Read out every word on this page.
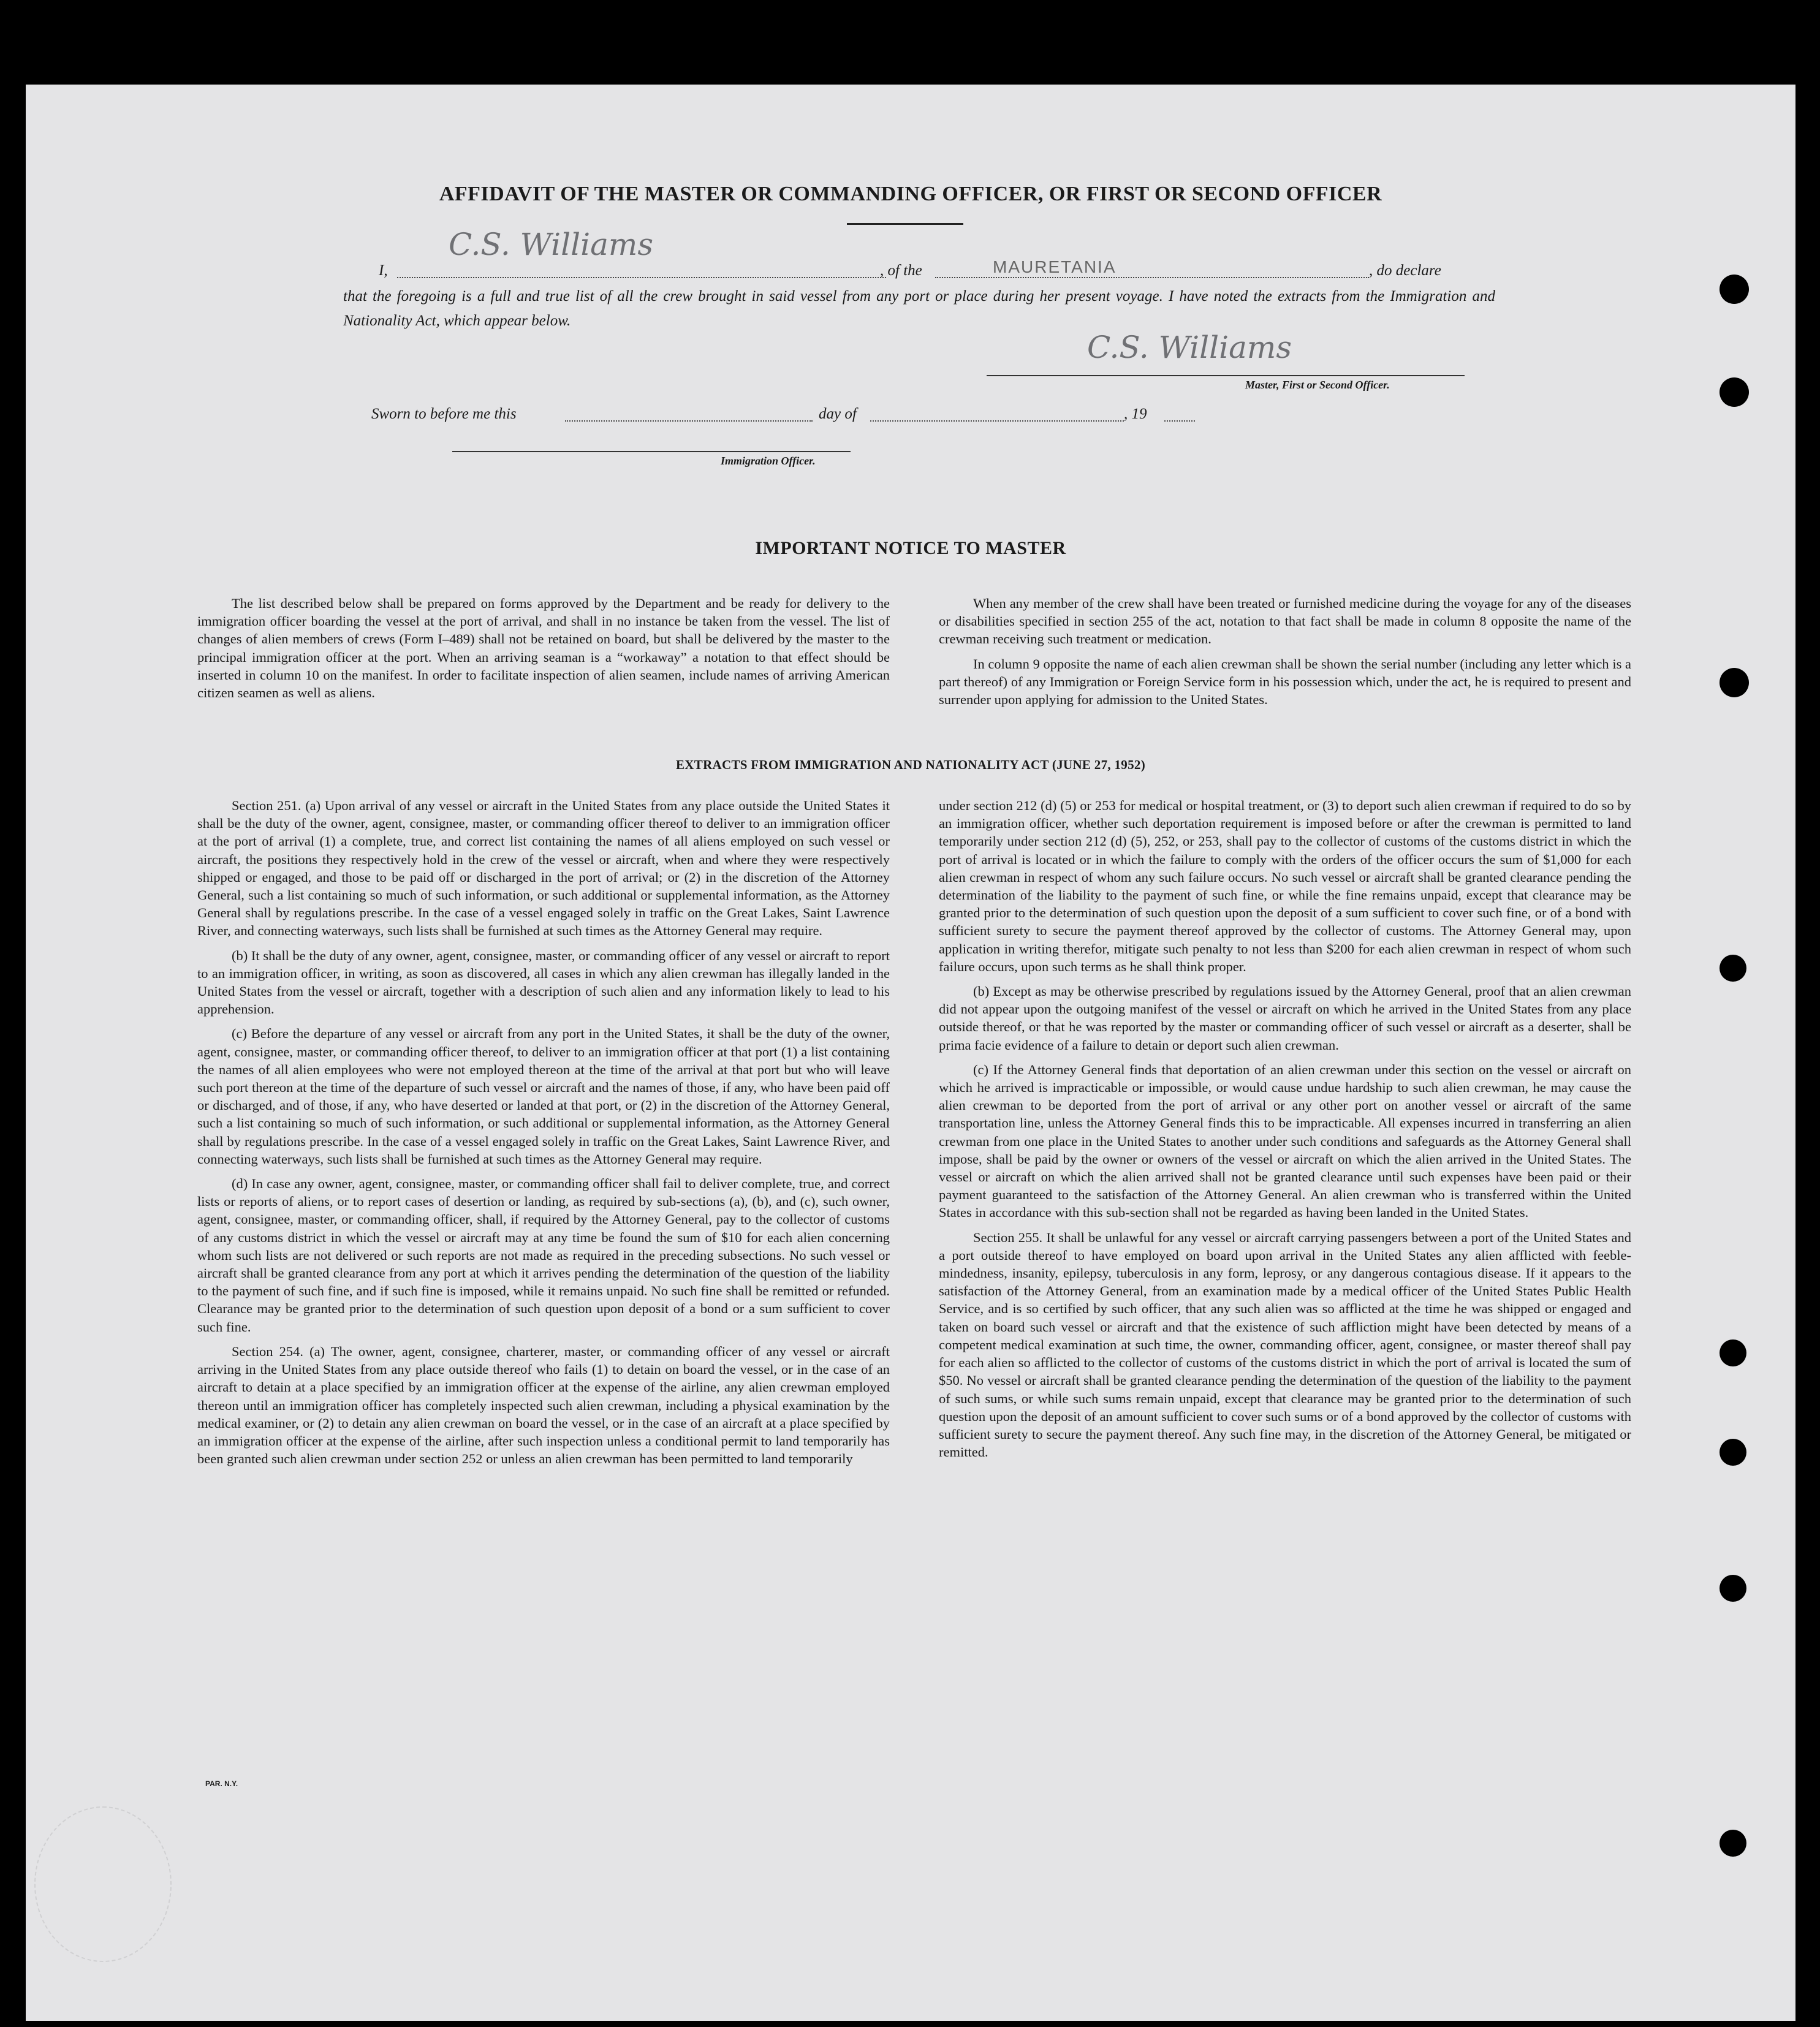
AFFIDAVIT OF THE MASTER OR COMMANDING OFFICER, OR FIRST OR SECOND OFFICER
I,
C.S. Williams
, of the	MAURETANIA	, do declare
that the foregoing is a full and true list of all the crew brought in said vessel from any port or place during her present voyage. I have noted the extracts from the Immigration and Nationality Act, which appear below.
C.S. Williams
Master, First or Second Officer.
Sworn to before me this	day of	, 19
Immigration Officer.
IMPORTANT NOTICE TO MASTER

The list described below shall be prepared on forms approved by the Department and be ready for delivery to the immigration officer boarding the vessel at the port of arrival, and shall in no instance be taken from the vessel. The list of changes of alien members of crews (Form I–489) shall not be retained on board, but shall be delivered by the master to the principal immigration officer at the port. When an arriving seaman is a “workaway” a notation to that effect should be inserted in column 10 on the manifest. In order to facilitate inspection of alien seamen, include names of arriving American citizen seamen as well as aliens.

When any member of the crew shall have been treated or furnished medicine during the voyage for any of the diseases or disabilities specified in section 255 of the act, notation to that fact shall be made in column 8 opposite the name of the crewman receiving such treatment or medication.

In column 9 opposite the name of each alien crewman shall be shown the serial number (including any letter which is a part thereof) of any Immigration or Foreign Service form in his possession which, under the act, he is required to present and surrender upon applying for admission to the United States.

EXTRACTS FROM IMMIGRATION AND NATIONALITY ACT (JUNE 27, 1952)

Section 251. (a) Upon arrival of any vessel or aircraft in the United States from any place outside the United States it shall be the duty of the owner, agent, consignee, master, or commanding officer thereof to deliver to an immigration officer at the port of arrival (1) a complete, true, and correct list containing the names of all aliens employed on such vessel or aircraft, the positions they respectively hold in the crew of the vessel or aircraft, when and where they were respectively shipped or engaged, and those to be paid off or discharged in the port of arrival; or (2) in the discretion of the Attorney General, such a list containing so much of such information, or such additional or supplemental information, as the Attorney General shall by regulations prescribe. In the case of a vessel engaged solely in traffic on the Great Lakes, Saint Lawrence River, and connecting waterways, such lists shall be furnished at such times as the Attorney General may require.

(b) It shall be the duty of any owner, agent, consignee, master, or commanding officer of any vessel or aircraft to report to an immigration officer, in writing, as soon as discovered, all cases in which any alien crewman has illegally landed in the United States from the vessel or aircraft, together with a description of such alien and any information likely to lead to his apprehension.

(c) Before the departure of any vessel or aircraft from any port in the United States, it shall be the duty of the owner, agent, consignee, master, or commanding officer thereof, to deliver to an immigration officer at that port (1) a list containing the names of all alien employees who were not employed thereon at the time of the arrival at that port but who will leave such port thereon at the time of the departure of such vessel or aircraft and the names of those, if any, who have been paid off or discharged, and of those, if any, who have deserted or landed at that port, or (2) in the discretion of the Attorney General, such a list containing so much of such information, or such additional or supplemental information, as the Attorney General shall by regulations prescribe. In the case of a vessel engaged solely in traffic on the Great Lakes, Saint Lawrence River, and connecting waterways, such lists shall be furnished at such times as the Attorney General may require.

(d) In case any owner, agent, consignee, master, or commanding officer shall fail to deliver complete, true, and correct lists or reports of aliens, or to report cases of desertion or landing, as required by sub-sections (a), (b), and (c), such owner, agent, consignee, master, or commanding officer, shall, if required by the Attorney General, pay to the collector of customs of any customs district in which the vessel or aircraft may at any time be found the sum of $10 for each alien concerning whom such lists are not delivered or such reports are not made as required in the preceding subsections. No such vessel or aircraft shall be granted clearance from any port at which it arrives pending the determination of the question of the liability to the payment of such fine, and if such fine is imposed, while it remains unpaid. No such fine shall be remitted or refunded. Clearance may be granted prior to the determination of such question upon deposit of a bond or a sum sufficient to cover such fine.

Section 254. (a) The owner, agent, consignee, charterer, master, or commanding officer of any vessel or aircraft arriving in the United States from any place outside thereof who fails (1) to detain on board the vessel, or in the case of an aircraft to detain at a place specified by an immigration officer at the expense of the airline, any alien crewman employed thereon until an immigration officer has completely inspected such alien crewman, including a physical examination by the medical examiner, or (2) to detain any alien crewman on board the vessel, or in the case of an aircraft at a place specified by an immigration officer at the expense of the airline, after such inspection unless a conditional permit to land temporarily has been granted such alien crewman under section 252 or unless an alien crewman has been permitted to land temporarily

under section 212 (d) (5) or 253 for medical or hospital treatment, or (3) to deport such alien crewman if required to do so by an immigration officer, whether such deportation requirement is imposed before or after the crewman is permitted to land temporarily under section 212 (d) (5), 252, or 253, shall pay to the collector of customs of the customs district in which the port of arrival is located or in which the failure to comply with the orders of the officer occurs the sum of $1,000 for each alien crewman in respect of whom any such failure occurs. No such vessel or aircraft shall be granted clearance pending the determination of the liability to the payment of such fine, or while the fine remains unpaid, except that clearance may be granted prior to the determination of such question upon the deposit of a sum sufficient to cover such fine, or of a bond with sufficient surety to secure the payment thereof approved by the collector of customs. The Attorney General may, upon application in writing therefor, mitigate such penalty to not less than $200 for each alien crewman in respect of whom such failure occurs, upon such terms as he shall think proper.

(b) Except as may be otherwise prescribed by regulations issued by the Attorney General, proof that an alien crewman did not appear upon the outgoing manifest of the vessel or aircraft on which he arrived in the United States from any place outside thereof, or that he was reported by the master or commanding officer of such vessel or aircraft as a deserter, shall be prima facie evidence of a failure to detain or deport such alien crewman.

(c) If the Attorney General finds that deportation of an alien crewman under this section on the vessel or aircraft on which he arrived is impracticable or impossible, or would cause undue hardship to such alien crewman, he may cause the alien crewman to be deported from the port of arrival or any other port on another vessel or aircraft of the same transportation line, unless the Attorney General finds this to be impracticable. All expenses incurred in transferring an alien crewman from one place in the United States to another under such conditions and safeguards as the Attorney General shall impose, shall be paid by the owner or owners of the vessel or aircraft on which the alien arrived in the United States. The vessel or aircraft on which the alien arrived shall not be granted clearance until such expenses have been paid or their payment guaranteed to the satisfaction of the Attorney General. An alien crewman who is transferred within the United States in accordance with this sub-section shall not be regarded as having been landed in the United States.

Section 255. It shall be unlawful for any vessel or aircraft carrying passengers between a port of the United States and a port outside thereof to have employed on board upon arrival in the United States any alien afflicted with feeble-mindedness, insanity, epilepsy, tuberculosis in any form, leprosy, or any dangerous contagious disease. If it appears to the satisfaction of the Attorney General, from an examination made by a medical officer of the United States Public Health Service, and is so certified by such officer, that any such alien was so afflicted at the time he was shipped or engaged and taken on board such vessel or aircraft and that the existence of such affliction might have been detected by means of a competent medical examination at such time, the owner, commanding officer, agent, consignee, or master thereof shall pay for each alien so afflicted to the collector of customs of the customs district in which the port of arrival is located the sum of $50. No vessel or aircraft shall be granted clearance pending the determination of the question of the liability to the payment of such sums, or while such sums remain unpaid, except that clearance may be granted prior to the determination of such question upon the deposit of an amount sufficient to cover such sums or of a bond approved by the collector of customs with sufficient surety to secure the payment thereof. Any such fine may, in the discretion of the Attorney General, be mitigated or remitted.

PAR. N.Y.
